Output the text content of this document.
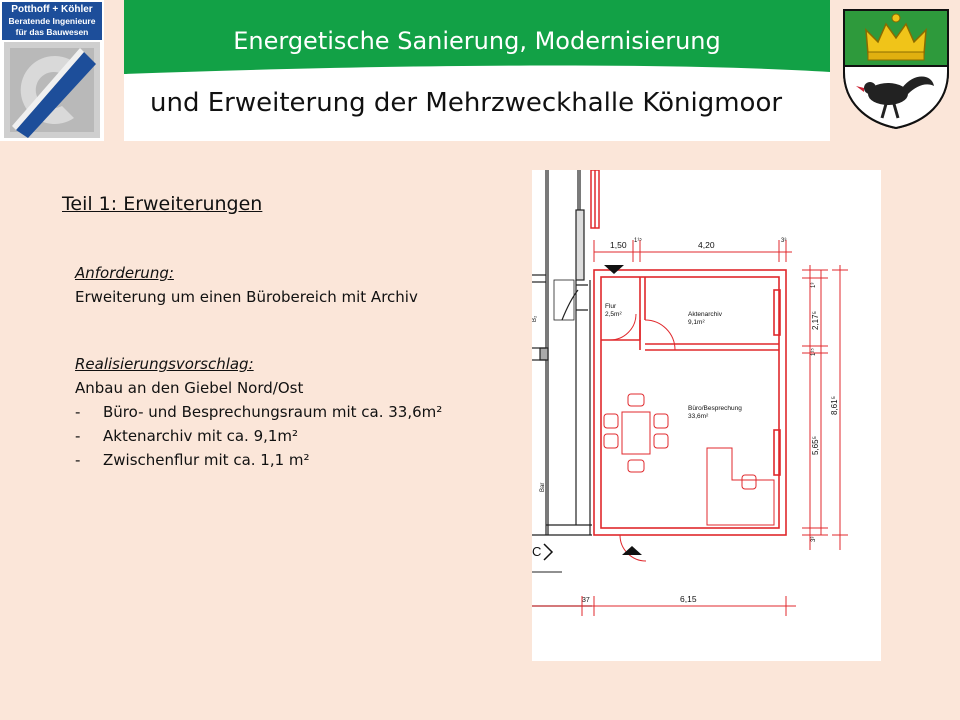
Potthoff + Köhler
Beratende Ingenieure
für das Bauwesen	Energetische Sanierung, Modernisierung
und Erweiterung der Mehrzweckhalle Königmoor
Teil 1: Erweiterungen
Anforderung:
Erweiterung um einen Bürobereich mit Archiv
Realisierungsvorschlag:
Anbau an den Giebel Nord/Ost
- Büro- und Besprechungsraum mit ca. 33,6m²
- Aktenarchiv mit ca. 9,1m²
- Zwischenflur mit ca. 1,1 m²
1,50 1¹⁵	4,20	3³
2,17⁵
5,65⁵
8,61⁵
1³
1¹⁵
3³
37	6,15
Flur
2,5m²	Aktenarchiv
9,1m²
Büro/Besprechung
33,6m²
B₂
Bar
C
